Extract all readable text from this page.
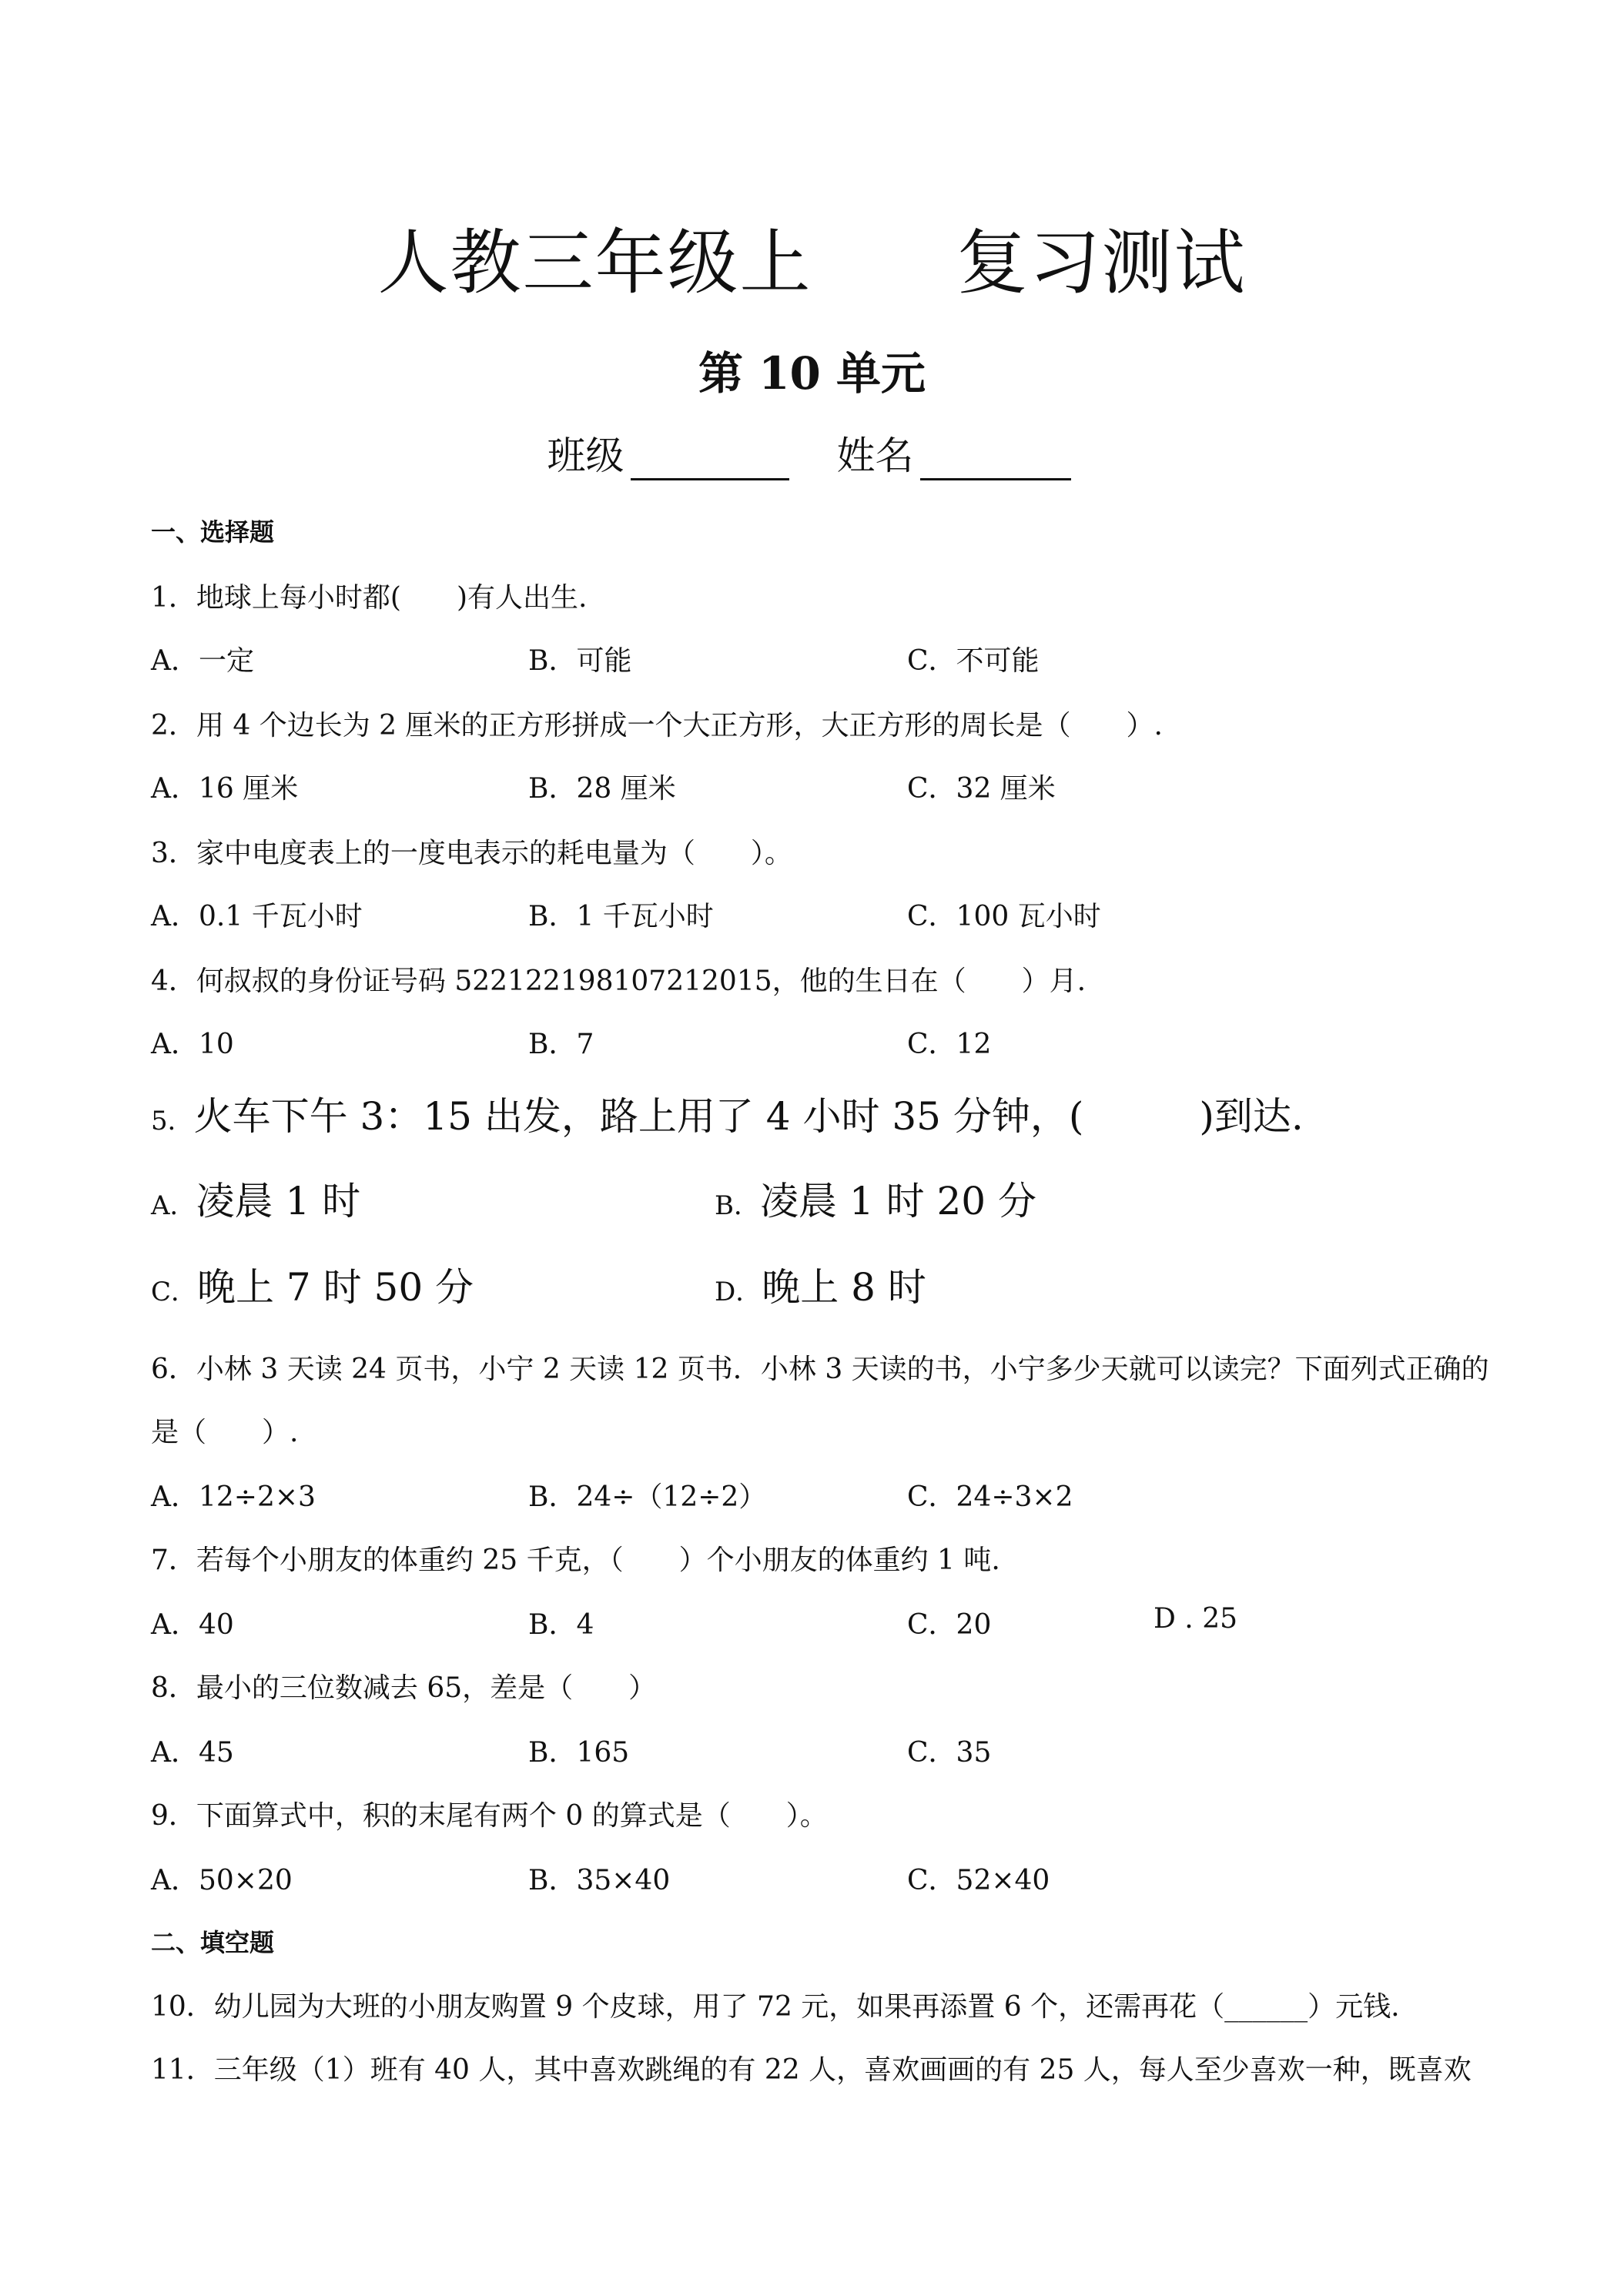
人教三年级上　　复习测试
第 10 单元
班级	姓名
一、选择题
1．地球上每小时都(　　)有人出生.
A．一定	B．可能	C．不可能
2．用 4 个边长为 2 厘米的正方形拼成一个大正方形，大正方形的周长是（　　）.
A．16 厘米	B．28 厘米	C．32 厘米
3．家中电度表上的一度电表示的耗电量为（　　）。
A．0.1 千瓦小时	B．1 千瓦小时	C．100 瓦小时
4．何叔叔的身份证号码 522122198107212015，他的生日在（　　）月.
A．10	B．7	C．12
5．火车下午 3：15 出发，路上用了 4 小时 35 分钟，(　　　)到达.
A．凌晨 1 时	B．凌晨 1 时 20 分
C．晚上 7 时 50 分	D．晚上 8 时
6．小林 3 天读 24 页书，小宁 2 天读 12 页书．小林 3 天读的书，小宁多少天就可以读完？下面列式正确的
是（　　）.
A．12÷2×3	B．24÷（12÷2）	C．24÷3×2
7．若每个小朋友的体重约 25 千克，（　　）个小朋友的体重约 1 吨.
A．40	B．4	C．20	D . 25
8．最小的三位数减去 65，差是（　　）
A．45	B．165	C．35
9．下面算式中，积的末尾有两个 0 的算式是（　　）。
A．50×20	B．35×40	C．52×40
二、填空题
10．幼儿园为大班的小朋友购置 9 个皮球，用了 72 元，如果再添置 6 个，还需再花（______）元钱.
11．三年级（1）班有 40 人，其中喜欢跳绳的有 22 人，喜欢画画的有 25 人，每人至少喜欢一种，既喜欢
